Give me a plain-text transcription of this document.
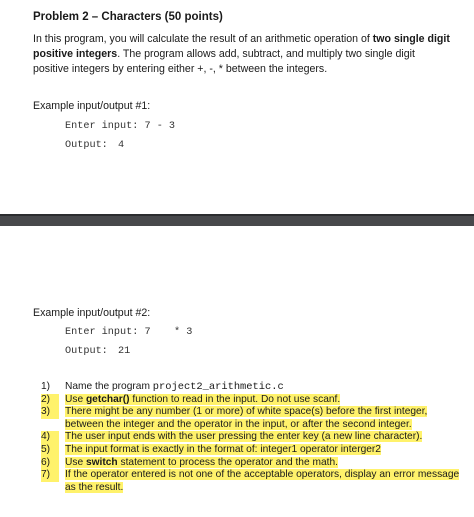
Problem 2 – Characters (50 points)
In this program, you will calculate the result of an arithmetic operation of two single digit positive integers. The program allows add, subtract, and multiply two single digit positive integers by entering either +, -, * between the integers.
Example input/output #1:
Enter input: 7 - 3
Output: 4
Example input/output #2:
Enter input: 7 * 3
Output: 21
1)	Name the program project2_arithmetic.c
2)	Use getchar() function to read in the input. Do not use scanf.
3)	There might be any number (1 or more) of white space(s) before the first integer, between the integer and the operator in the input, or after the second integer.
4)	The user input ends with the user pressing the enter key (a new line character).
5)	The input format is exactly in the format of: integer1 operator interger2
6)	Use switch statement to process the operator and the math.
7)	If the operator entered is not one of the acceptable operators, display an error message as the result.
